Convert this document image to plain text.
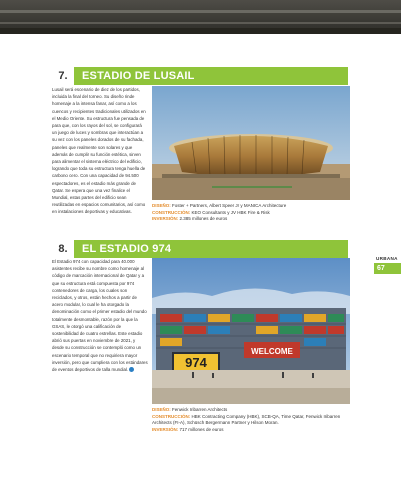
7.	ESTADIO DE LUSAIL
Lusail será escenario de diez de los partidos, incluida la final del torneo. Su diseño rinde homenaje a la intensa fanar, así como a los cuencos y recipientes tradicionales utilizados en el Medio Oriente. Su estructura fue pensada de para que, con los rayos del sol, se configurará un juego de luces y sombras que interactúan a su vez con los paneles dorados de su fachada, paneles que realmente son solares y que además de cumplir su función estética, sirven para alimentar el sistema eléctrico del edificio, logrando que toda su estructura tenga huella de carbono cero. Con una capacidad de 94.500 espectadores, es el estadio más grande de Qatar. Se espera que una vez finalice el Mundial, estas partes del edificio sean reutilizadas en espacios comunitarios, así como en instalaciones deportivas y educativas.
DISEÑO: Foster + Partners, Albert Speer Jr y MANICA Architecture
CONSTRUCCIÓN: KEO Consultants y JV HBK Fire & Risk
INVERSIÓN: 2.385 millones de euros
8.	EL ESTADIO 974
El Estadio 974 con capacidad para 40.000 asistentes recibe su nombre como homenaje al código de marcación internacional de Qatar y a que su estructura está compuesta por 974 contenedores de carga, los cuales son reciclados, y otros, están hechos a partir de acero modular, lo cual le ha otorgado la denominación como el primer estadio del mundo totalmente desmontable, razón por la que la GSAS, le otorgó una calificación de sostenibilidad de cuatro estrellas. Este estadio abrió sus puertas en noviembre de 2021, y desde su construcción se contempló como un escenario temporal que no requiriera mayor inversión, pero que cumpliera con los estándares de eventos deportivos de talla mundial.	974
WELCOME
DISEÑO: Fenwick Iribarren Architects
CONSTRUCCIÓN: HBK Contracting Company (HBK), SCB-QA, Time Qatar, Fenwick Iribarren Architects (FI-A), Schüsch Bergermann Partner y Hilson Moran.
INVERSIÓN: 717 millones de euros
URBANA
67
